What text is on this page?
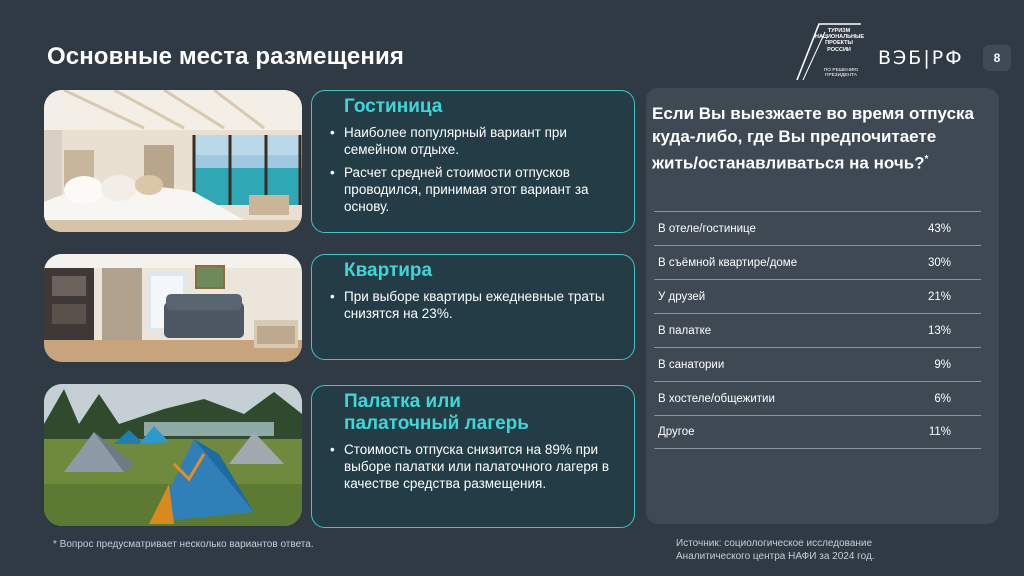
Основные места размещения
ТУРИЗМ НАЦИОНАЛЬНЫЕ ПРОЕКТЫ РОССИИ
ПО РЕШЕНИЮ ПРЕЗИДЕНТА
ВЭБ|РФ	8
Гостиница
• Наиболее популярный вариант при семейном отдыхе.
• Расчет средней стоимости отпусков проводился, принимая этот вариант за основу.
Квартира
• При выборе квартиры ежедневные траты снизятся на 23%.
Палатка или палаточный лагерь
• Стоимость отпуска снизится на 89% при выборе палатки или палаточного лагеря в качестве средства размещения.
Если Вы выезжаете во время отпуска куда-либо, где Вы предпочитаете жить/останавливаться на ночь?*
В отеле/гостинице	43%
В съёмной квартире/доме	30%
У друзей	21%
В палатке	13%
В санатории	9%
В хостеле/общежитии	6%
Другое	11%
* Вопрос предусматривает несколько вариантов ответа.	Источник: социологическое исследование Аналитического центра НАФИ за 2024 год.
